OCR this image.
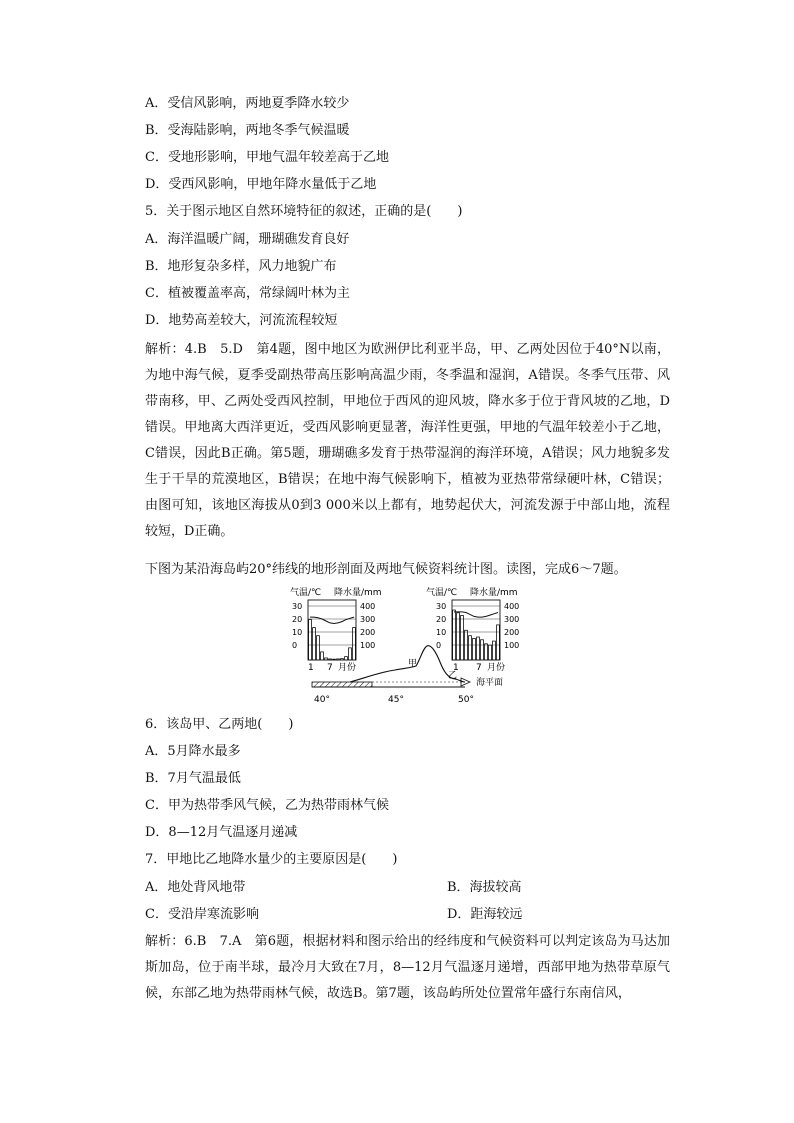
A．受信风影响，两地夏季降水较少
B．受海陆影响，两地冬季气候温暖
C．受地形影响，甲地气温年较差高于乙地
D．受西风影响，甲地年降水量低于乙地
5．关于图示地区自然环境特征的叙述，正确的是(　　)
A．海洋温暖广阔，珊瑚礁发育良好
B．地形复杂多样，风力地貌广布
C．植被覆盖率高，常绿阔叶林为主
D．地势高差较大，河流流程较短
解析：4.B　5.D　第4题，图中地区为欧洲伊比利亚半岛，甲、乙两处因位于40°N以南，为地中海气候，夏季受副热带高压影响高温少雨，冬季温和湿润，A错误。冬季气压带、风带南移，甲、乙两处受西风控制，甲地位于西风的迎风坡，降水多于位于背风坡的乙地，D错误。甲地离大西洋更近，受西风影响更显著，海洋性更强，甲地的气温年较差小于乙地，C错误，因此B正确。第5题，珊瑚礁多发育于热带湿润的海洋环境，A错误；风力地貌多发生于干旱的荒漠地区，B错误；在地中海气候影响下，植被为亚热带常绿硬叶林，C错误；由图可知，该地区海拔从0到3 000米以上都有，地势起伏大，河流发源于中部山地，流程较短，D正确。
下图为某沿海岛屿20°纬线的地形剖面及两地气候资料统计图。读图，完成6～7题。
气温/℃ 降水量/mm
30	400
20	300
10	200
0	100
1 7 月份
气温/℃ 降水量/mm
30	400
20	300
10	200
0	100
1 7 月份
甲
乙
海平面
40°	45°	50°
6．该岛甲、乙两地(　　)
A．5月降水最多
B．7月气温最低
C．甲为热带季风气候，乙为热带雨林气候
D．8—12月气温逐月递减
7．甲地比乙地降水量少的主要原因是(　　)
A．地处背风地带	B．海拔较高
C．受沿岸寒流影响	D．距海较远
解析：6.B　7.A　第6题，根据材料和图示给出的经纬度和气候资料可以判定该岛为马达加斯加岛，位于南半球，最冷月大致在7月，8—12月气温逐月递增，西部甲地为热带草原气候，东部乙地为热带雨林气候，故选B。第7题，该岛屿所处位置常年盛行东南信风，
